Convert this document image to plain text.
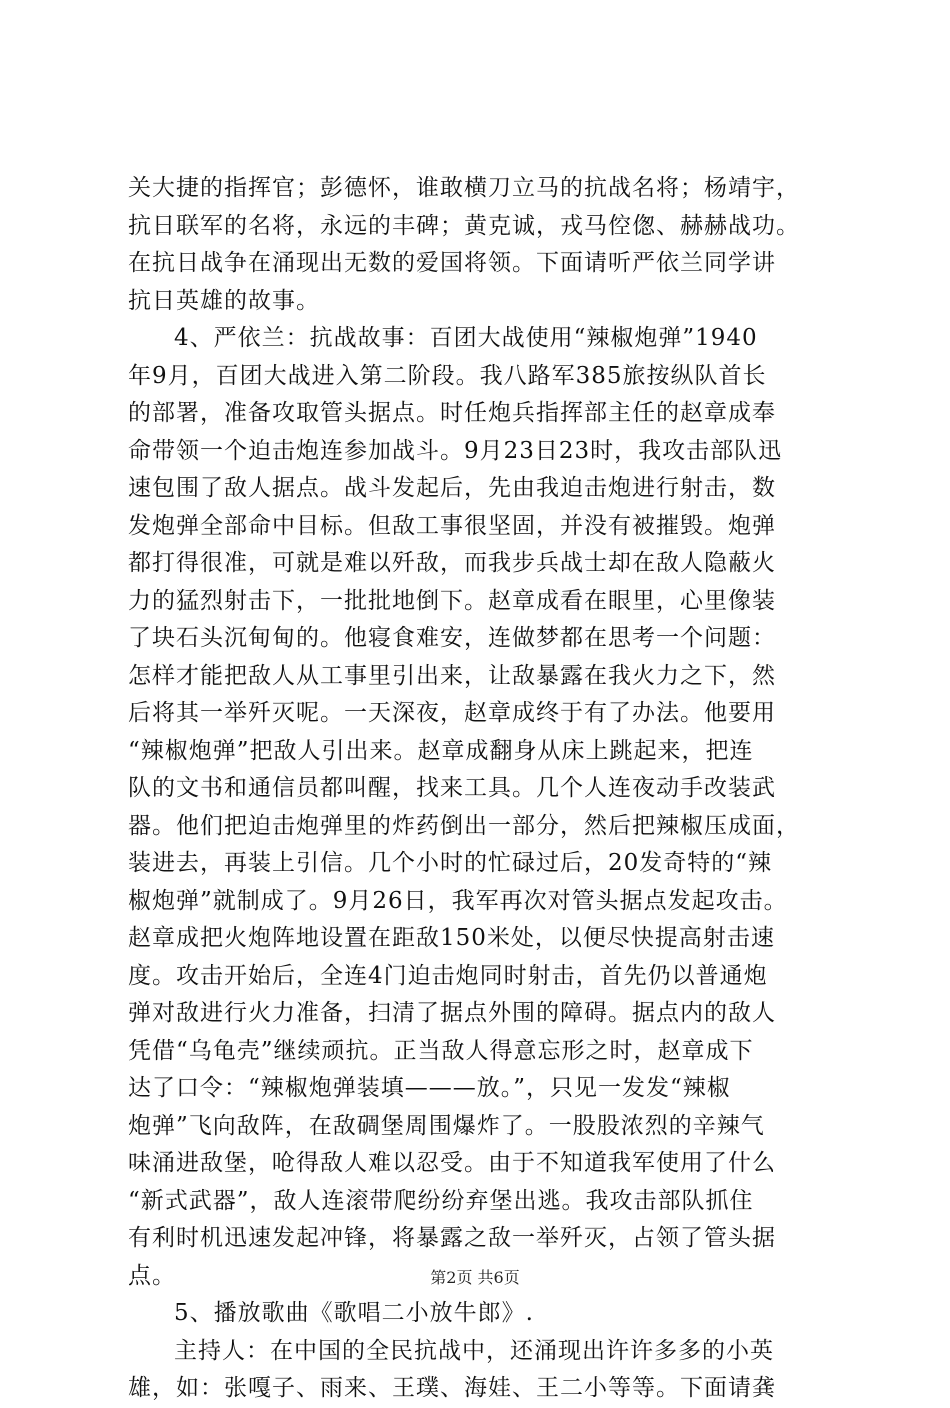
关大捷的指挥官；彭德怀，谁敢横刀立马的抗战名将；杨靖宇，
抗日联军的名将，永远的丰碑；黄克诚，戎马倥偬、赫赫战功。
在抗日战争在涌现出无数的爱国将领。下面请听严依兰同学讲
抗日英雄的故事。
4、严依兰：抗战故事：百团大战使用“辣椒炮弹”1940
年9月，百团大战进入第二阶段。我八路军385旅按纵队首长
的部署，准备攻取管头据点。时任炮兵指挥部主任的赵章成奉
命带领一个迫击炮连参加战斗。9月23日23时，我攻击部队迅
速包围了敌人据点。战斗发起后，先由我迫击炮进行射击，数
发炮弹全部命中目标。但敌工事很坚固，并没有被摧毁。炮弹
都打得很准，可就是难以歼敌，而我步兵战士却在敌人隐蔽火
力的猛烈射击下，一批批地倒下。赵章成看在眼里，心里像装
了块石头沉甸甸的。他寝食难安，连做梦都在思考一个问题：
怎样才能把敌人从工事里引出来，让敌暴露在我火力之下，然
后将其一举歼灭呢。一天深夜，赵章成终于有了办法。他要用
“辣椒炮弹”把敌人引出来。赵章成翻身从床上跳起来，把连
队的文书和通信员都叫醒，找来工具。几个人连夜动手改装武
器。他们把迫击炮弹里的炸药倒出一部分，然后把辣椒压成面，
装进去，再装上引信。几个小时的忙碌过后，20发奇特的“辣
椒炮弹”就制成了。9月26日，我军再次对管头据点发起攻击。
赵章成把火炮阵地设置在距敌150米处，以便尽快提高射击速
度。攻击开始后，全连4门迫击炮同时射击，首先仍以普通炮
弹对敌进行火力准备，扫清了据点外围的障碍。据点内的敌人
凭借“乌龟壳”继续顽抗。正当敌人得意忘形之时，赵章成下
达了口令：“辣椒炮弹装填———放。”，只见一发发“辣椒
炮弹”飞向敌阵，在敌碉堡周围爆炸了。一股股浓烈的辛辣气
味涌进敌堡，呛得敌人难以忍受。由于不知道我军使用了什么
“新式武器”，敌人连滚带爬纷纷弃堡出逃。我攻击部队抓住
有利时机迅速发起冲锋，将暴露之敌一举歼灭，占领了管头据
点。
5、播放歌曲《歌唱二小放牛郎》.
主持人：在中国的全民抗战中，还涌现出许许多多的小英
雄，如：张嘎子、雨来、王璞、海娃、王二小等等。下面请龚
第2页 共6页
